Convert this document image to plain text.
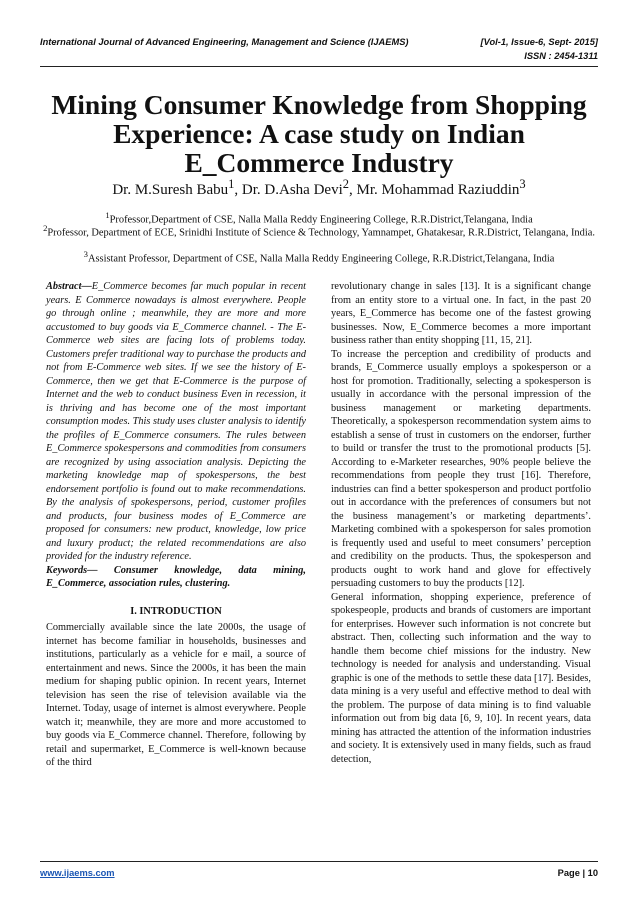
International Journal of Advanced Engineering, Management and Science (IJAEMS)	[Vol-1, Issue-6, Sept- 2015]
ISSN : 2454-1311
Mining Consumer Knowledge from Shopping Experience: A case study on Indian E_Commerce Industry
Dr. M.Suresh Babu$^1$, Dr. D.Asha Devi$^2$, Mr. Mohammad Raziuddin$^3$

$^1$Professor,Department of CSE, Nalla Malla Reddy Engineering College, R.R.District,Telangana, India

$^2$Professor, Department of ECE, Srinidhi Institute of Science & Technology, Yamnampet, Ghatakesar, R.R.District, Telangana, India.

$^3$Assistant Professor, Department of CSE, Nalla Malla Reddy Engineering College, R.R.District,Telangana, India

Abstract—E_Commerce becomes far much popular in recent years. E Commerce nowadays is almost everywhere. People go through online ; meanwhile, they are more and more accustomed to buy goods via E_Commerce channel. - The E-Commerce web sites are facing lots of problems today. Customers prefer traditional way to purchase the products and not from E-Commerce web sites. If we see the history of E-Commerce, then we get that E-Commerce is the purpose of Internet and the web to conduct business Even in recession, it is thriving and has become one of the most important consumption modes. This study uses cluster analysis to identify the profiles of E_Commerce consumers. The rules between E_Commerce spokespersons and commodities from consumers are recognized by using association analysis. Depicting the marketing knowledge map of spokespersons, the best endorsement portfolio is found out to make recommendations. By the analysis of spokespersons, period, customer profiles and products, four business modes of E_Commerce are proposed for consumers: new product, knowledge, low price and luxury product; the related recommendations are also provided for the industry reference.

Keywords— Consumer knowledge, data mining, E_Commerce, association rules, clustering.

I. INTRODUCTION

Commercially available since the late 2000s, the usage of internet has become familiar in households, businesses and institutions, particularly as a vehicle for e mail, a source of entertainment and news. Since the 2000s, it has been the main medium for shaping public opinion. In recent years, Internet television has seen the rise of television available via the Internet. Today, usage of internet is almost everywhere. People watch it; meanwhile, they are more and more accustomed to buy goods via E_Commerce channel. Therefore, following by retail and supermarket, E_Commerce is well-known because of the third

revolutionary change in sales [13]. It is a significant change from an entity store to a virtual one. In fact, in the past 20 years, E_Commerce has become one of the fastest growing businesses. Now, E_Commerce becomes a more important business rather than entity shopping [11, 15, 21].

To increase the perception and credibility of products and brands, E_Commerce usually employs a spokesperson or a host for promotion. Traditionally, selecting a spokesperson is usually in accordance with the personal impression of the business management or marketing departments. Theoretically, a spokesperson recommendation system aims to establish a sense of trust in customers on the endorser, further to build or transfer the trust to the promotional products [5]. According to e-Marketer researches, 90% people believe the recommendations from people they trust [16]. Therefore, industries can find a better spokesperson and product portfolio out in accordance with the preferences of consumers but not the business management’s or marketing departments’. Marketing combined with a spokesperson for sales promotion is frequently used and useful to meet consumers’ perception and credibility on the products. Thus, the spokesperson and products ought to work hand and glove for effectively persuading customers to buy the products [12].

General information, shopping experience, preference of spokespeople, products and brands of customers are important for enterprises. However such information is not concrete but abstract. Then, collecting such information and the way to handle them become chief missions for the industry. New technology is needed for analysis and understanding. Visual graphic is one of the methods to settle these data [17]. Besides, data mining is a very useful and effective method to deal with the problem. The purpose of data mining is to find valuable information out from big data [6, 9, 10]. In recent years, data mining has attracted the attention of the information industries and society. It is extensively used in many fields, such as fraud detection,

www.ijaems.com	Page | 10
